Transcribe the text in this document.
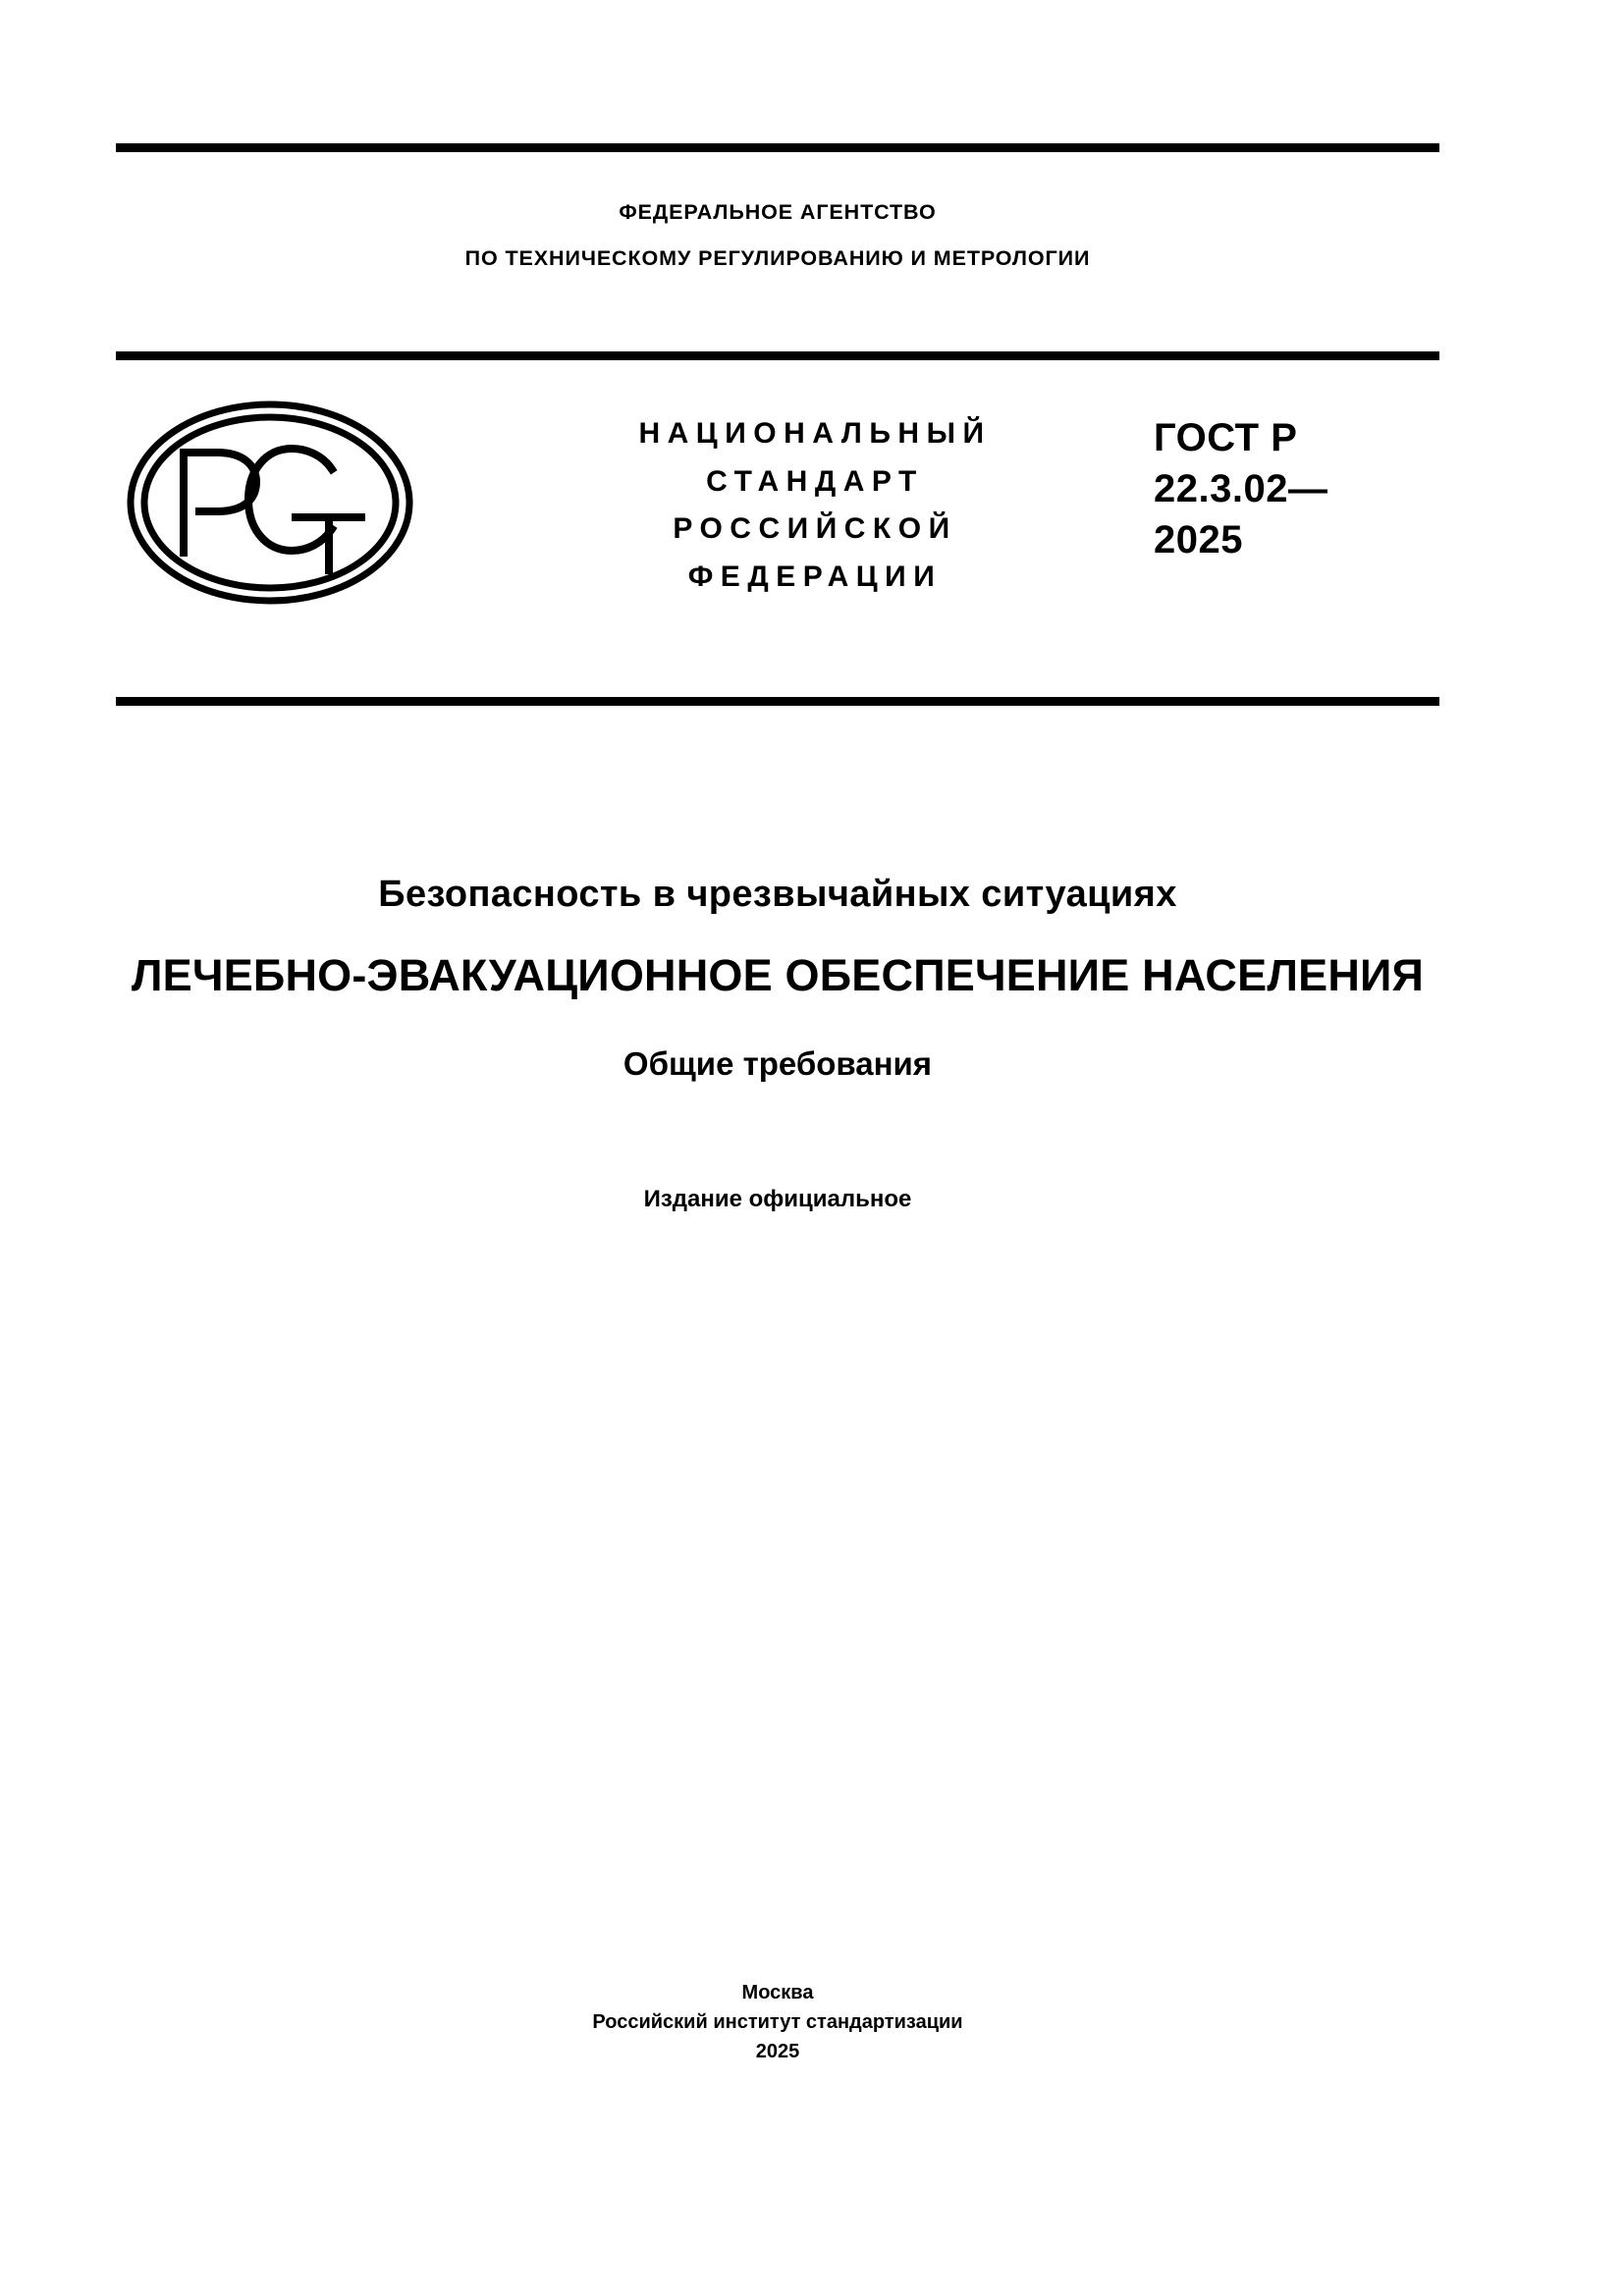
ФЕДЕРАЛЬНОЕ АГЕНТСТВО
ПО ТЕХНИЧЕСКОМУ РЕГУЛИРОВАНИЮ И МЕТРОЛОГИИ
НАЦИОНАЛЬНЫЙ
СТАНДАРТ
РОССИЙСКОЙ
ФЕДЕРАЦИИ
ГОСТ Р
22.3.02—
2025
Безопасность в чрезвычайных ситуациях
ЛЕЧЕБНО-ЭВАКУАЦИОННОЕ ОБЕСПЕЧЕНИЕ НАСЕЛЕНИЯ
Общие требования
Издание официальное
Москва
Российский институт стандартизации
2025
